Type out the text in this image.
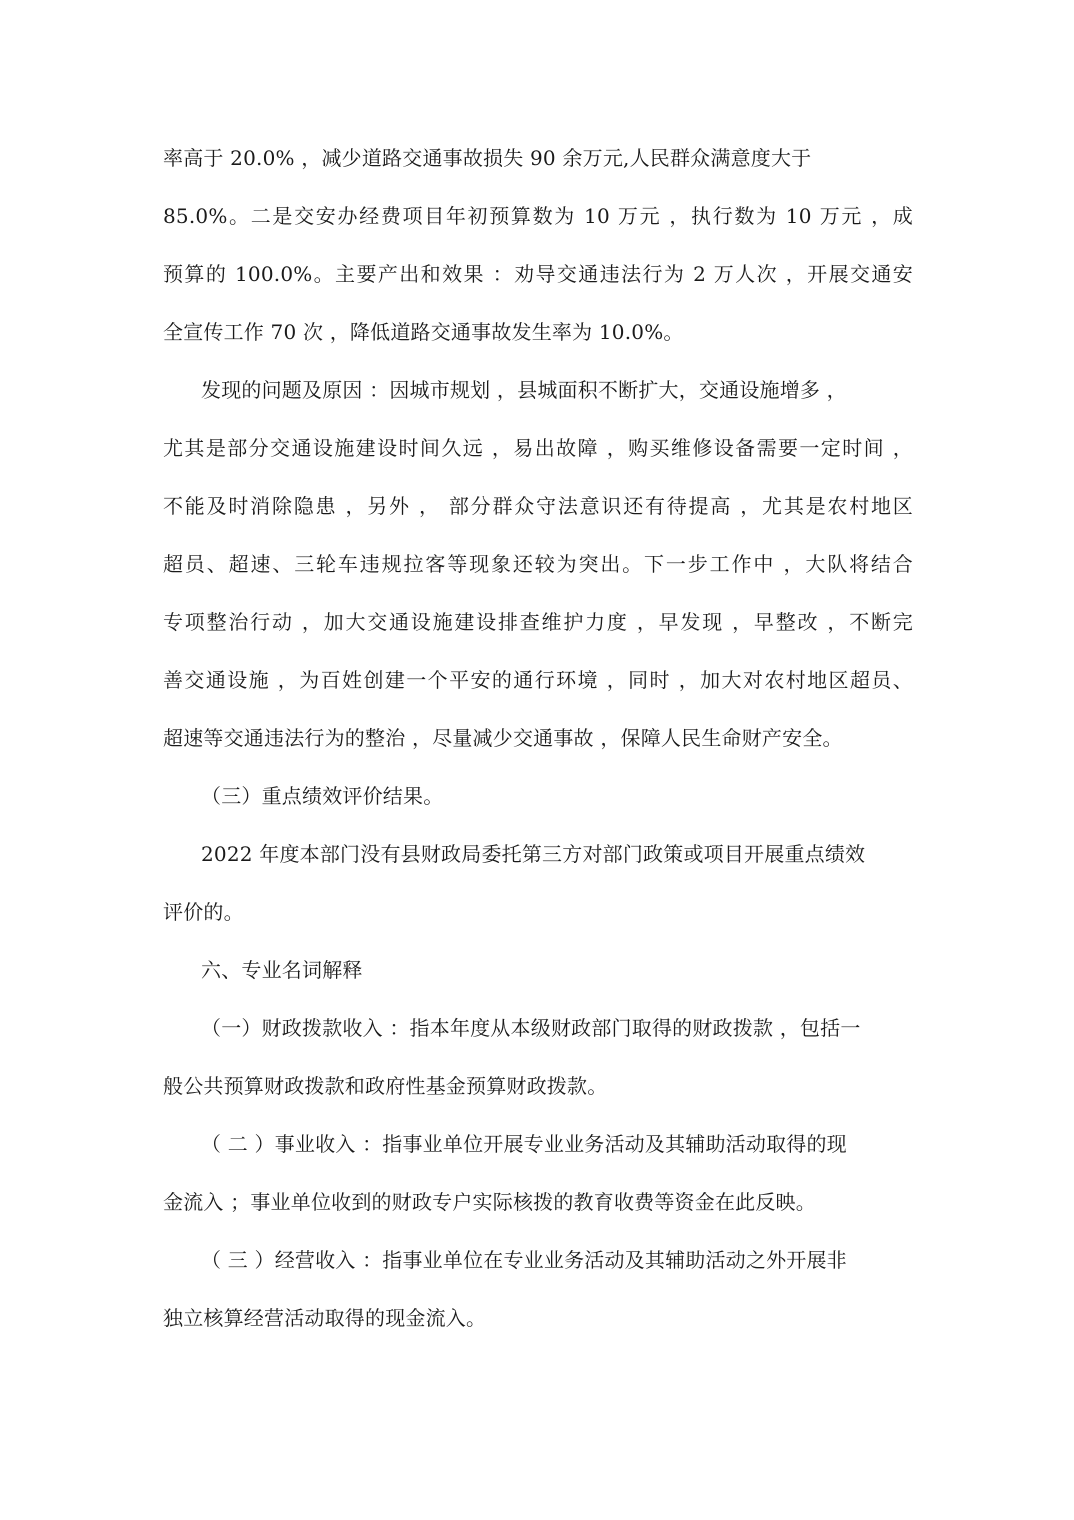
率高于 20.0% ，减少道路交通事故损失 90 余万元,人民群众满意度大于
85.0%。二是交安办经费项目年初预算数为 10 万元 ，执行数为 10 万元 ，成
预算的 100.0%。主要产出和效果 ：劝导交通违法行为 2 万人次 ，开展交通安
全宣传工作 70 次 ，降低道路交通事故发生率为 10.0%。
发现的问题及原因 ：因城市规划 ，县城面积不断扩大，交通设施增多 ，
尤其是部分交通设施建设时间久远 ，易出故障 ，购买维修设备需要一定时间 ，
不能及时消除隐患 ，另外 ， 部分群众守法意识还有待提高 ，尤其是农村地区
超员、超速、三轮车违规拉客等现象还较为突出。下一步工作中 ，大队将结合
专项整治行动 ，加大交通设施建设排查维护力度 ，早发现 ，早整改 ，不断完
善交通设施 ，为百姓创建一个平安的通行环境 ，同时 ，加大对农村地区超员、
超速等交通违法行为的整治 ，尽量减少交通事故 ，保障人民生命财产安全。
（三）重点绩效评价结果。
2022 年度本部门没有县财政局委托第三方对部门政策或项目开展重点绩效
评价的。
六、专业名词解释
（一）财政拨款收入 ：指本年度从本级财政部门取得的财政拨款 ，包括一
般公共预算财政拨款和政府性基金预算财政拨款。
（ 二 ）事业收入 ：指事业单位开展专业业务活动及其辅助活动取得的现
金流入 ；事业单位收到的财政专户实际核拨的教育收费等资金在此反映。
（ 三 ）经营收入 ：指事业单位在专业业务活动及其辅助活动之外开展非
独立核算经营活动取得的现金流入。
